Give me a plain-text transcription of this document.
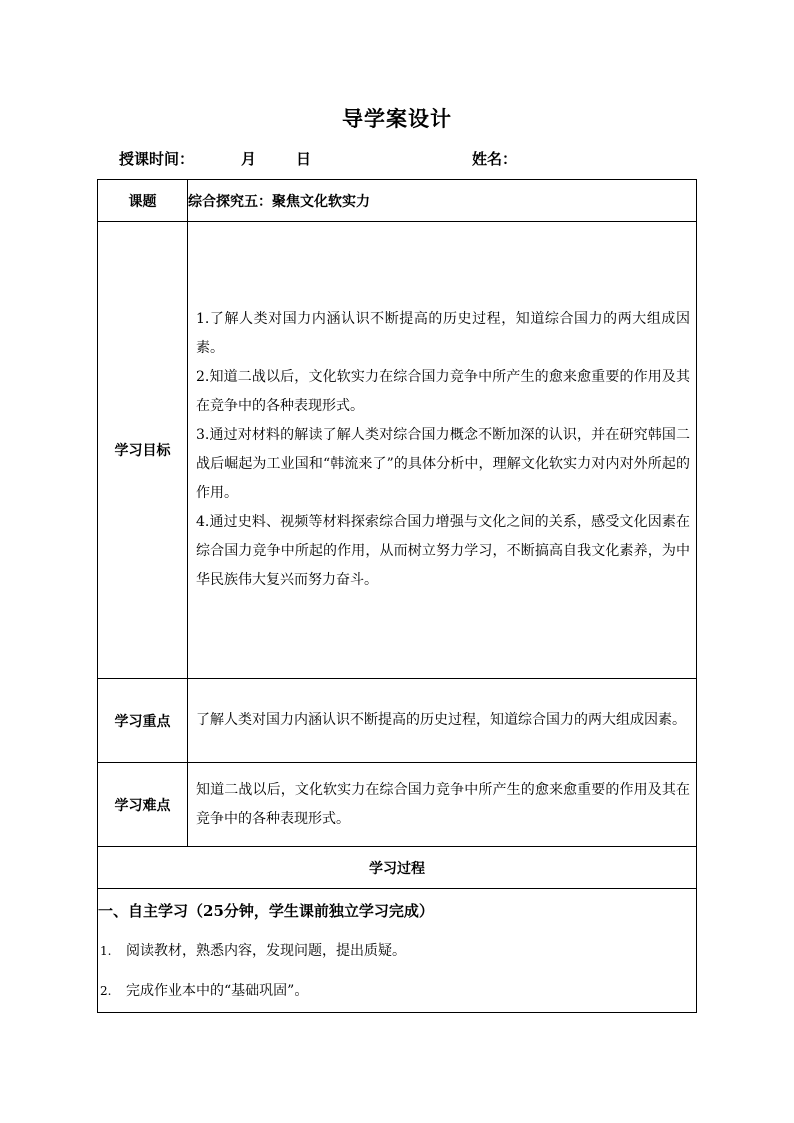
导学案设计
授课时间：	月	日	姓名：
课题	综合探究五：聚焦文化软实力
学习目标	1.了解人类对国力内涵认识不断提高的历史过程，知道综合国力的两大组成因素。
2.知道二战以后，文化软实力在综合国力竞争中所产生的愈来愈重要的作用及其在竞争中的各种表现形式。
3.通过对材料的解读了解人类对综合国力概念不断加深的认识，并在研究韩国二战后崛起为工业国和“韩流来了”的具体分析中，理解文化软实力对内对外所起的作用。
4.通过史料、视频等材料探索综合国力增强与文化之间的关系，感受文化因素在综合国力竞争中所起的作用，从而树立努力学习，不断搞高自我文化素养，为中华民族伟大复兴而努力奋斗。

学习重点	了解人类对国力内涵认识不断提高的历史过程，知道综合国力的两大组成因素。

学习难点	知道二战以后，文化软实力在综合国力竞争中所产生的愈来愈重要的作用及其在竞争中的各种表现形式。

学习过程	

一、自主学习（25分钟，学生课前独立学习完成）
1. 阅读教材，熟悉内容，发现问题，提出质疑。
2. 完成作业本中的“基础巩固”。	
